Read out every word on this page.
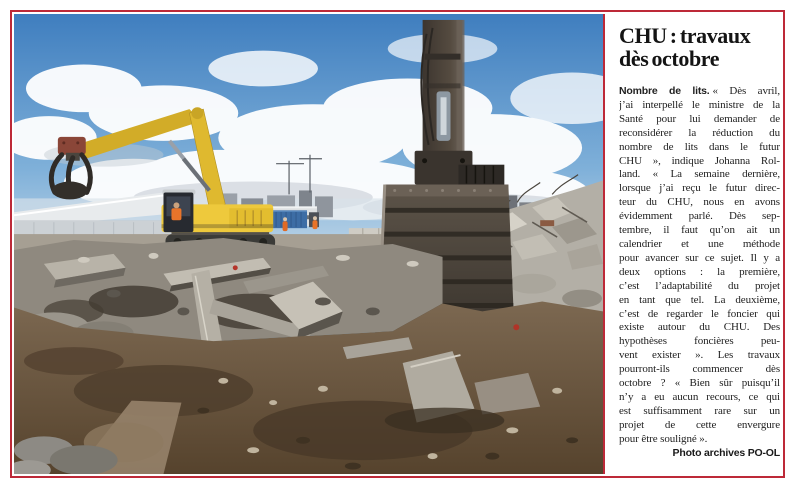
CHU : travaux
dès octobre
Nombre de lits. « Dès avril,
j’ai interpellé le ministre de la
Santé pour lui demander de
reconsidérer la réduction du
nombre de lits dans le futur
CHU », indique Johanna Rol-
land. « La semaine dernière,
lorsque j’ai reçu le futur direc-
teur du CHU, nous en avons
évidemment parlé. Dès sep-
tembre, il faut qu’on ait un
calendrier et une méthode
pour avancer sur ce sujet. Il y a
deux options : la première,
c’est l’adaptabilité du projet
en tant que tel. La deuxième,
c’est de regarder le foncier qui
existe autour du CHU. Des
hypothèses foncières peu-
vent exister ». Les travaux
pourront-ils commencer dès
octobre ? « Bien sûr puisqu’il
n’y a eu aucun recours, ce qui
est suffisamment rare sur un
projet de cette envergure
pour être souligné ».
Photo archives PO-OL
